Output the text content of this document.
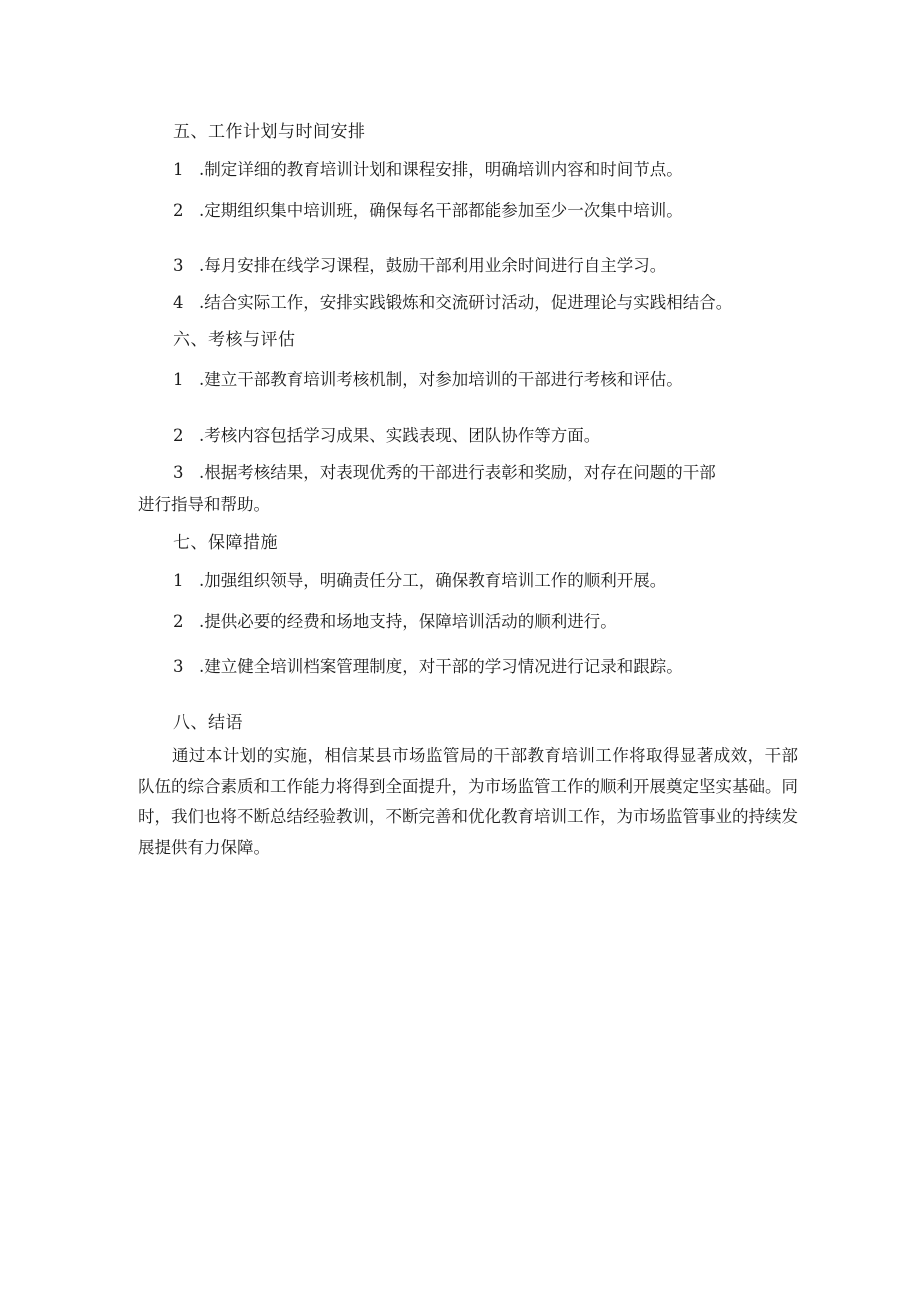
五、工作计划与时间安排
1 .制定详细的教育培训计划和课程安排，明确培训内容和时间节点。
2 .定期组织集中培训班，确保每名干部都能参加至少一次集中培训。
3 .每月安排在线学习课程，鼓励干部利用业余时间进行自主学习。
4 .结合实际工作，安排实践锻炼和交流研讨活动，促进理论与实践相结合。
六、考核与评估
1 .建立干部教育培训考核机制，对参加培训的干部进行考核和评估。
2 .考核内容包括学习成果、实践表现、团队协作等方面。
3 .根据考核结果，对表现优秀的干部进行表彰和奖励，对存在问题的干部
进行指导和帮助。
七、保障措施
1 .加强组织领导，明确责任分工，确保教育培训工作的顺利开展。
2 .提供必要的经费和场地支持，保障培训活动的顺利进行。
3 .建立健全培训档案管理制度，对干部的学习情况进行记录和跟踪。
八、结语
通过本计划的实施，相信某县市场监管局的干部教育培训工作将取得显著成效，干部队伍的综合素质和工作能力将得到全面提升，为市场监管工作的顺利开展奠定坚实基础。同时，我们也将不断总结经验教训，不断完善和优化教育培训工作，为市场监管事业的持续发展提供有力保障。
